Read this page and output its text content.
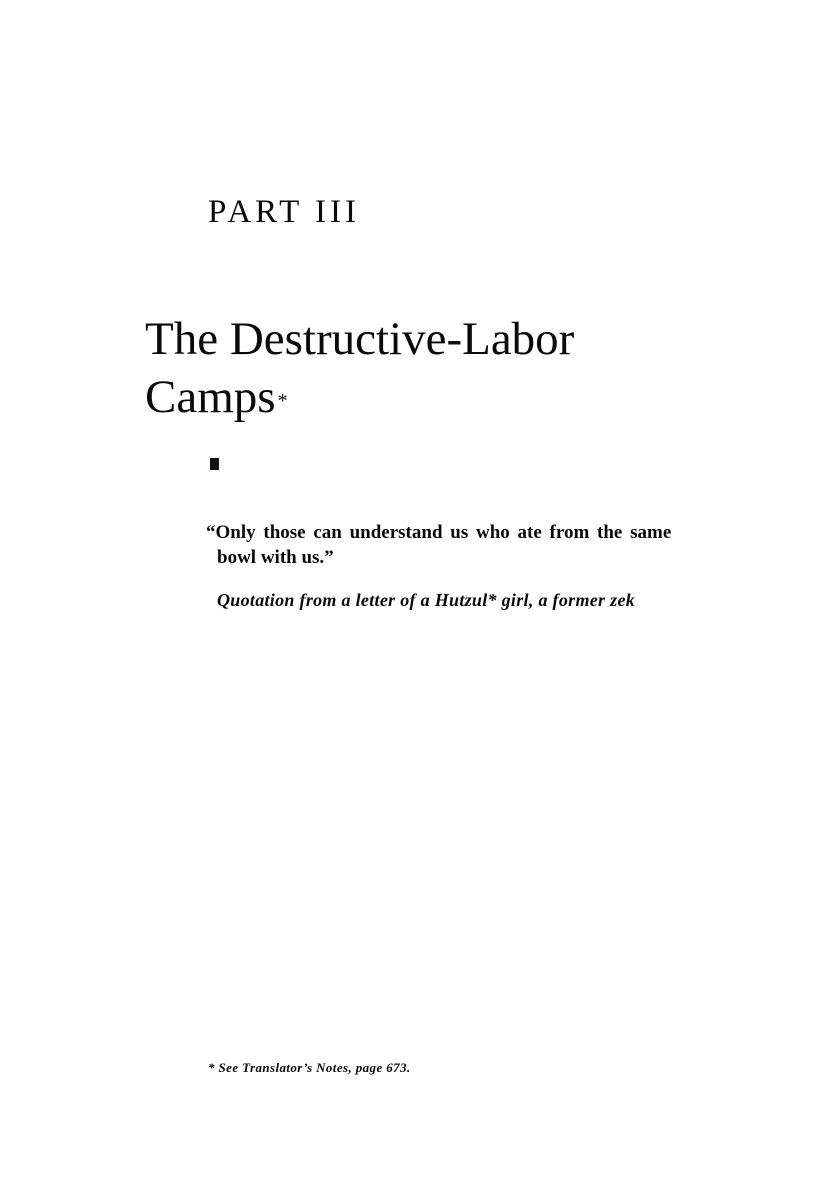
PART III
The Destructive-Labor
Camps *

“Only those can understand us who ate from the same
bowl with us.”

Quotation from a letter of a Hutzul* girl, a former zek

* See Translator’s Notes, page 673.
